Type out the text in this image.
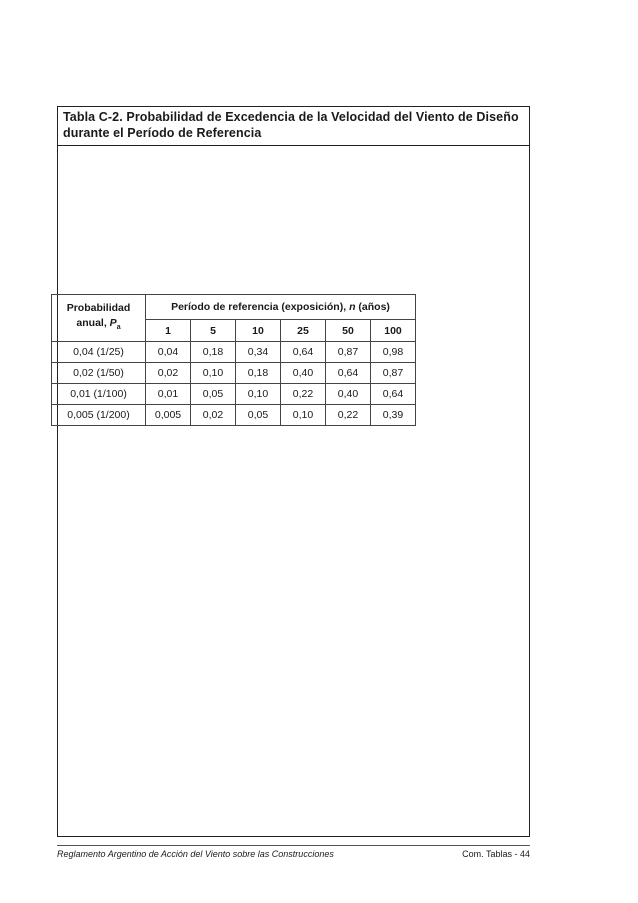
Tabla C-2. Probabilidad de Excedencia de la Velocidad del Viento de Diseño durante el Período de Referencia
Probabilidad
anual, $P_a$	Período de referencia (exposición), n (años)					
	1	5	10	25	50	100
0,04 (1/25)	0,04	0,18	0,34	0,64	0,87	0,98
0,02 (1/50)	0,02	0,10	0,18	0,40	0,64	0,87
0,01 (1/100)	0,01	0,05	0,10	0,22	0,40	0,64
0,005 (1/200)	0,005	0,02	0,05	0,10	0,22	0,39
Reglamento Argentino de Acción del Viento sobre las Construcciones	Com. Tablas - 44
